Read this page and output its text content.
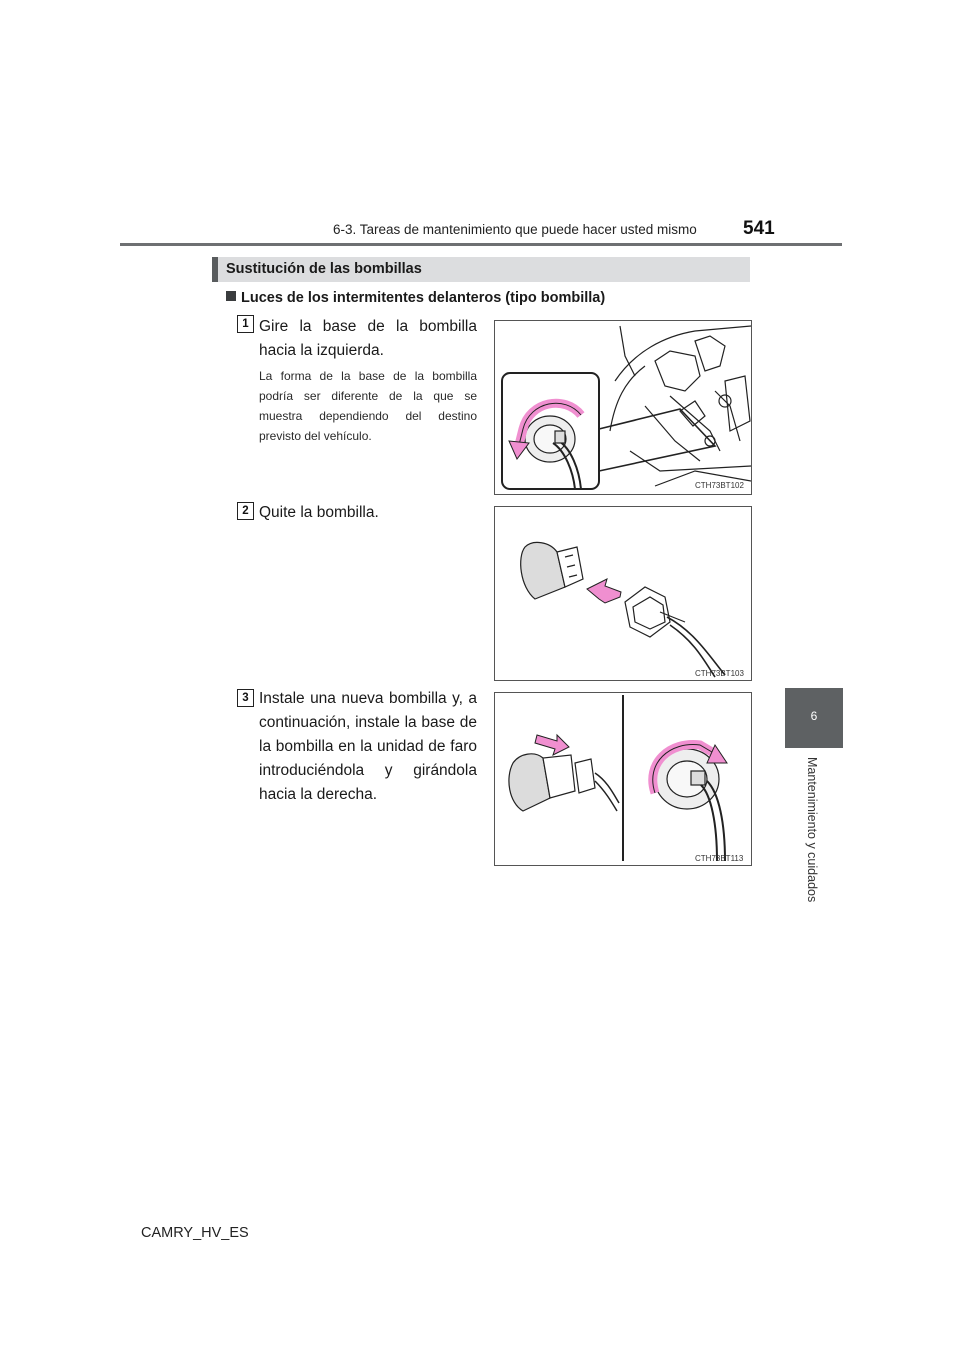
6-3. Tareas de mantenimiento que puede hacer usted mismo 541
Sustitución de las bombillas
Luces de los intermitentes delanteros (tipo bombilla)
1 Gire la base de la bombilla hacia la izquierda.
La forma de la base de la bombilla podría ser diferente de la que se muestra dependiendo del destino previsto del vehículo.
CTH73BT102
2 Quite la bombilla.
CTH73BT103
3 Instale una nueva bombilla y, a continuación, instale la base de la bombilla en la unidad de faro introduciéndola y girándola hacia la derecha.
CTH73BT113
6
Mantenimiento y cuidados
CAMRY_HV_ES
